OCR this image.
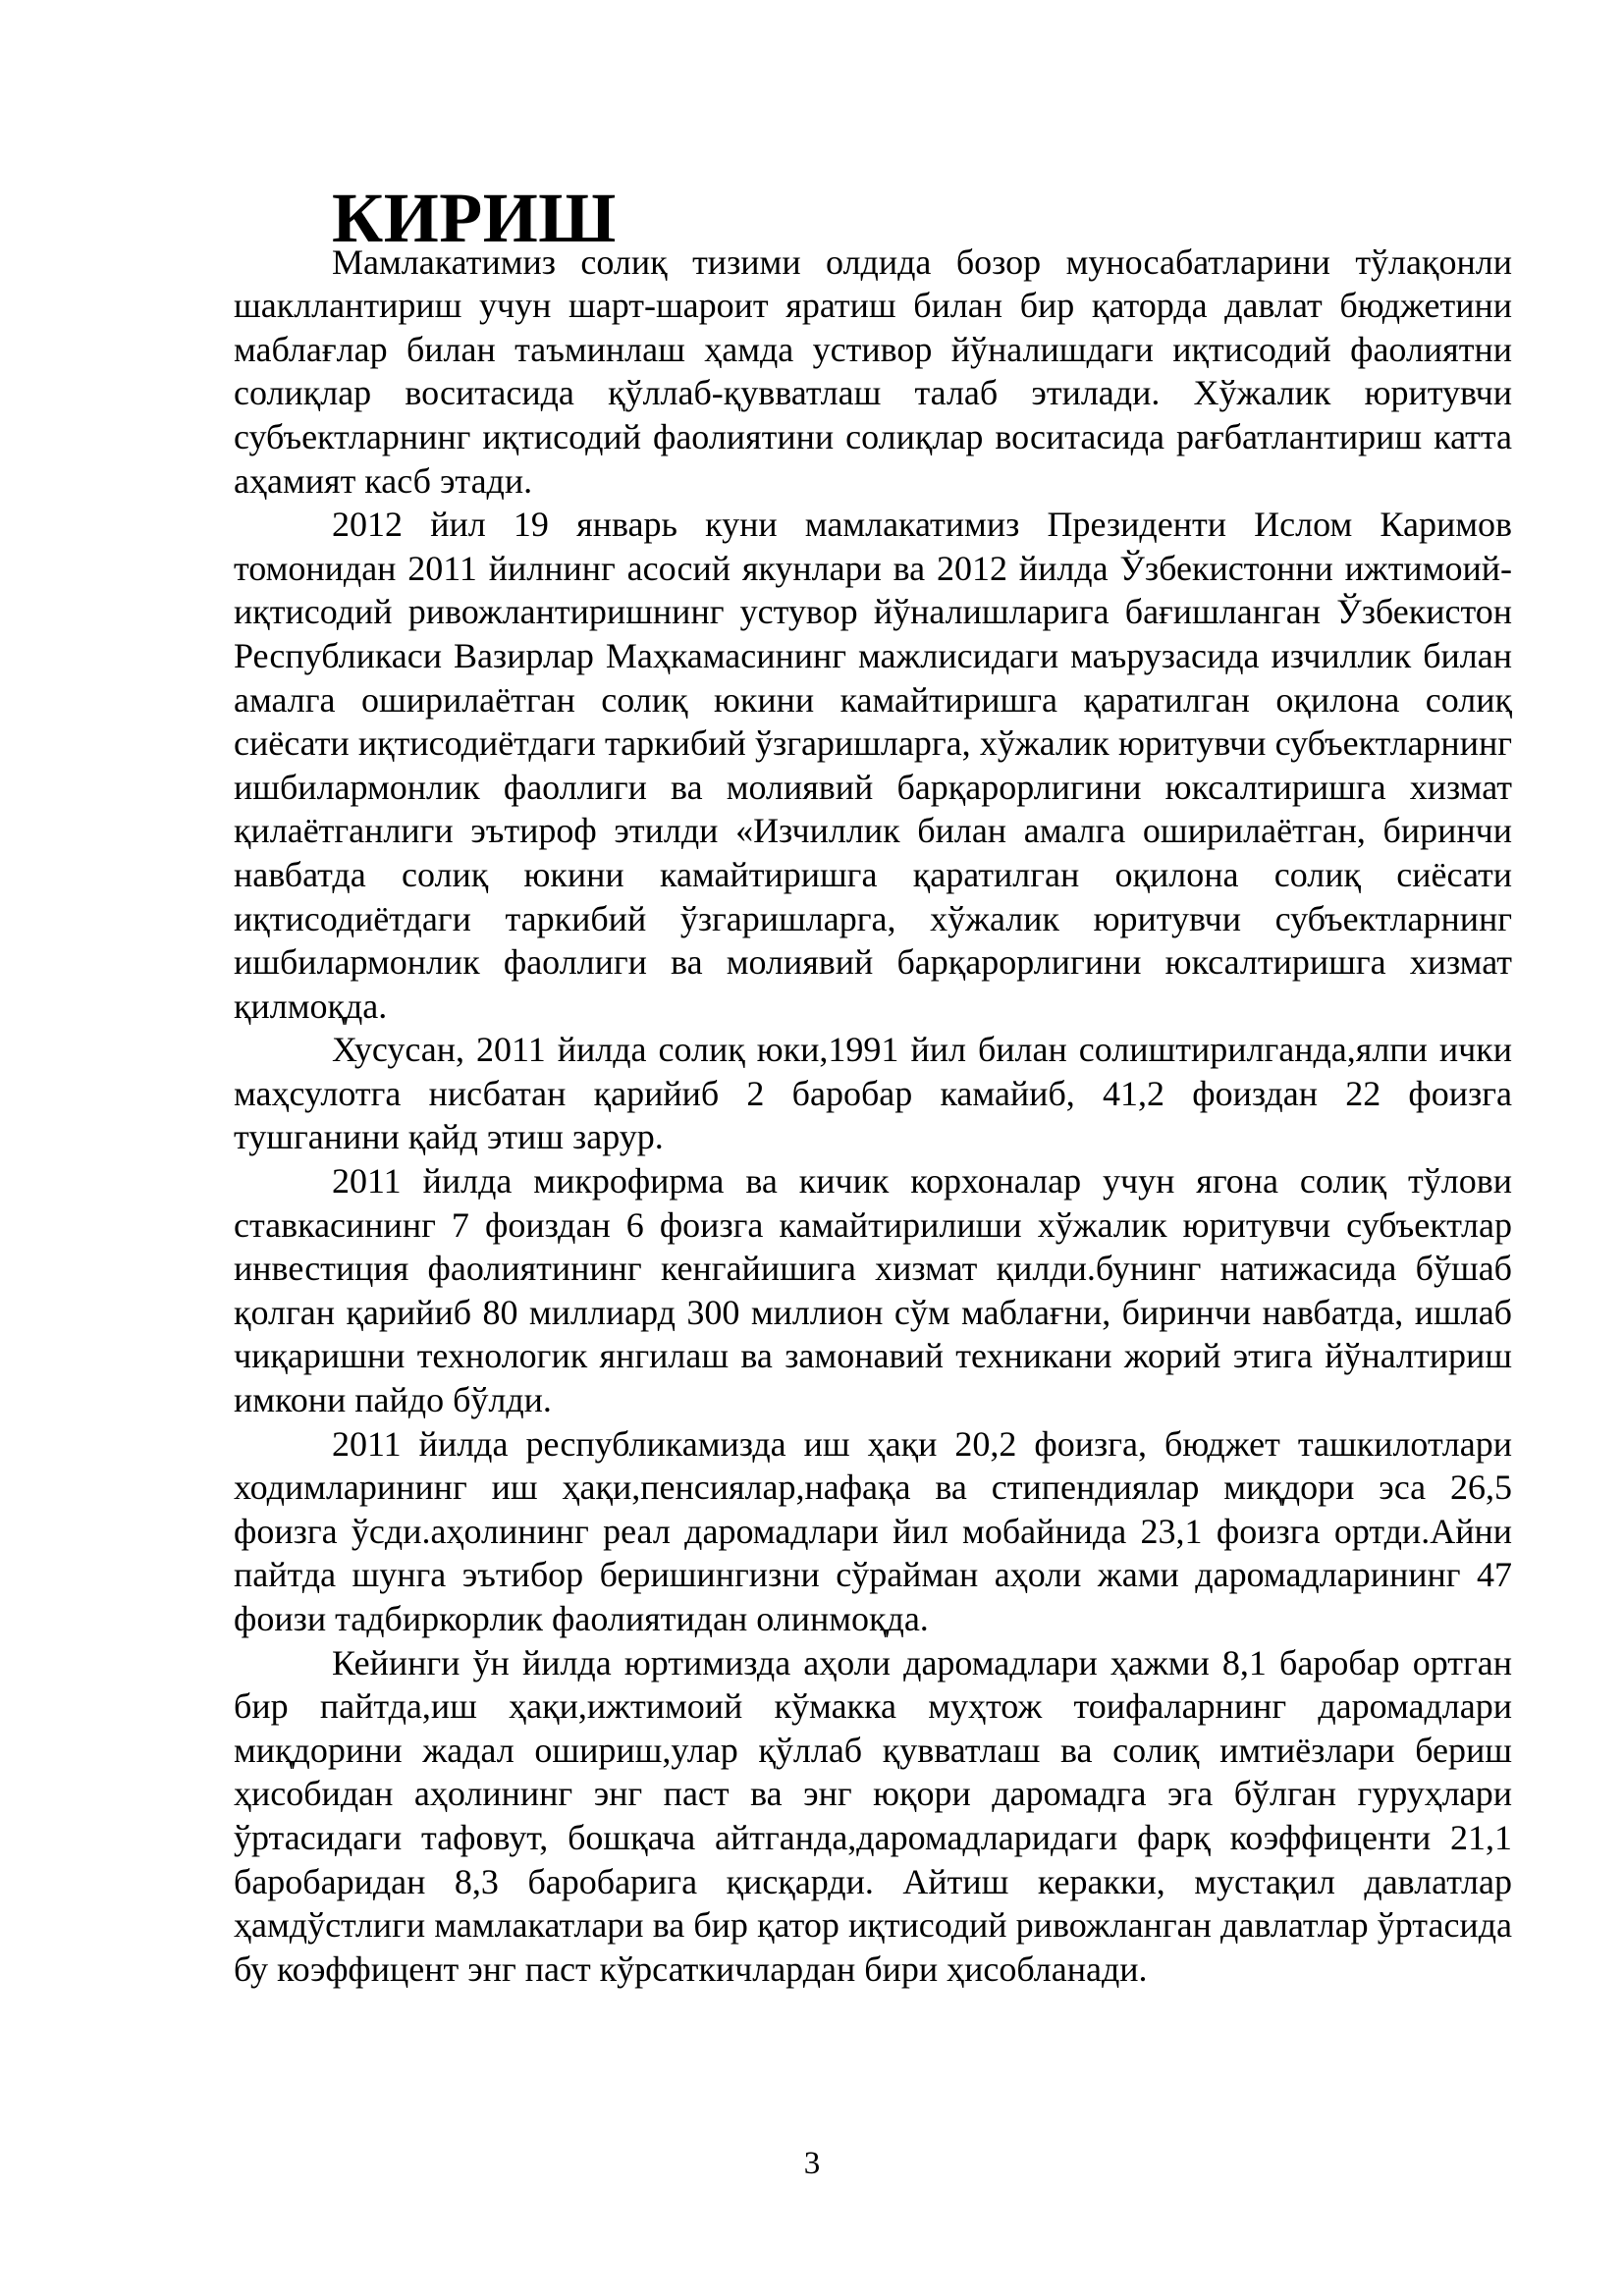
КИРИШ

Мамлакатимиз солиқ тизими олдида бозор муносабатларини тўлақонли шакллантириш учун шарт-шароит яратиш билан бир қаторда давлат бюджетини маблағлар билан таъминлаш ҳамда устивор йўналишдаги иқтисодий фаолиятни солиқлар воситасида қўллаб-қувватлаш талаб этилади. Хўжалик юритувчи субъектларнинг иқтисодий фаолиятини солиқлар воситасида рағбатлантириш катта аҳамият касб этади.

2012 йил 19 январь куни мамлакатимиз Президенти Ислом Каримов томонидан 2011 йилнинг асосий якунлари ва 2012 йилда Ўзбекистонни ижтимоий-иқтисодий ривожлантиришнинг устувор йўналишларига бағишланган Ўзбекистон Республикаси Вазирлар Маҳкамасининг мажлисидаги маърузасида изчиллик билан амалга оширилаётган солиқ юкини камайтиришга қаратилган оқилона солиқ сиёсати иқтисодиётдаги таркибий ўзгаришларга, хўжалик юритувчи субъектларнинг ишбилармонлик фаоллиги ва молиявий барқарорлигини юксалтиришга хизмат қилаётганлиги эътироф этилди «Изчиллик билан амалга оширилаётган, биринчи навбатда солиқ юкини камайтиришга қаратилган оқилона солиқ сиёсати иқтисодиётдаги таркибий ўзгаришларга, хўжалик юритувчи субъектларнинг ишбилармонлик фаоллиги ва молиявий барқарорлигини юксалтиришга хизмат қилмоқда.

Хусусан, 2011 йилда солиқ юки,1991 йил билан солиштирилганда,ялпи ички маҳсулотга нисбатан қарийиб 2 баробар камайиб, 41,2 фоиздан 22 фоизга тушганини қайд этиш зарур.

2011 йилда микрофирма ва кичик корхоналар учун ягона солиқ тўлови ставкасининг 7 фоиздан 6 фоизга камайтирилиши хўжалик юритувчи субъектлар инвестиция фаолиятининг кенгайишига хизмат қилди.бунинг натижасида бўшаб қолган қарийиб 80 миллиард 300 миллион сўм маблағни, биринчи навбатда, ишлаб чиқаришни технологик янгилаш ва замонавий техникани жорий этига йўналтириш имкони пайдо бўлди.

2011 йилда республикамизда иш ҳақи 20,2 фоизга, бюджет ташкилотлари ходимларининг иш ҳақи,пенсиялар,нафақа ва стипендиялар миқдори эса 26,5 фоизга ўсди.аҳолининг реал даромадлари йил мобайнида 23,1 фоизга ортди.Айни пайтда шунга эътибор беришингизни сўрайман аҳоли жами даромадларининг 47 фоизи тадбиркорлик фаолиятидан олинмоқда.

Кейинги ўн йилда юртимизда аҳоли даромадлари ҳажми 8,1 баробар ортган бир пайтда,иш ҳақи,ижтимоий кўмакка муҳтож тоифаларнинг даромадлари миқдорини жадал ошириш,улар қўллаб қувватлаш ва солиқ имтиёзлари бериш ҳисобидан аҳолининг энг паст ва энг юқори даромадга эга бўлган гуруҳлари ўртасидаги тафовут, бошқача айтганда,даромадларидаги фарқ коэффиценти 21,1 баробаридан 8,3 баробарига қисқарди. Айтиш керакки, мустақил давлатлар ҳамдўстлиги мамлакатлари ва бир қатор иқтисодий ривожланган давлатлар ўртасида бу коэффицент энг паст кўрсаткичлардан бири ҳисобланади.

3
